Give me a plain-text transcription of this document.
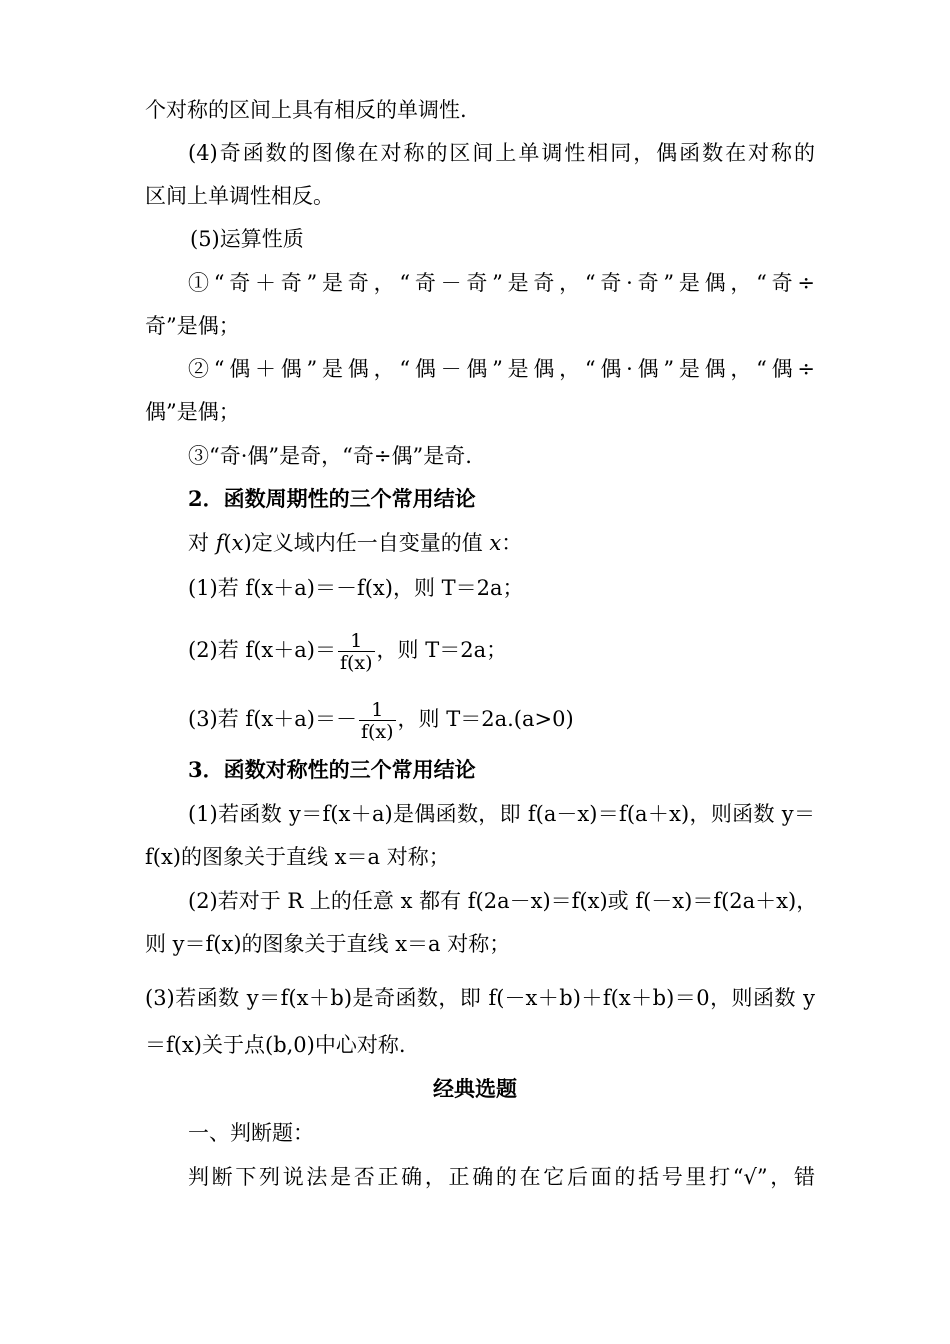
个对称的区间上具有相反的单调性.
(4)奇函数的图像在对称的区间上单调性相同，偶函数在对称的
区间上单调性相反。
(5)运算性质
①“奇＋奇”是奇，“奇－奇”是奇，“奇·奇”是偶，“奇÷
奇”是偶；
②“偶＋偶”是偶，“偶－偶”是偶，“偶·偶”是偶，“偶÷
偶”是偶；
③“奇·偶”是奇，“奇÷偶”是奇.
2．函数周期性的三个常用结论
对 f(x)定义域内任一自变量的值 x：
(1)若 f(x＋a)＝－f(x)，则 T＝2a；
(2)若 $f(x+a)= \frac{1}{f(x)}$ ，则 T＝2a；
(3)若 $f(x+a)=- \frac{1}{f(x)}$ ，则 T＝2a.(a>0)
3．函数对称性的三个常用结论
(1)若函数 y＝f(x＋a)是偶函数，即 f(a－x)＝f(a＋x)，则函数 y＝
f(x)的图象关于直线 x＝a 对称；
(2)若对于 R 上的任意 x 都有 f(2a－x)＝f(x)或 f(－x)＝f(2a＋x)，
则 y＝f(x)的图象关于直线 x＝a 对称；
(3)若函数 y＝f(x＋b)是奇函数，即 f(－x＋b)＋f(x＋b)＝0，则函数 y
＝f(x)关于点(b,0)中心对称.
经典选题
一、判断题：
判断下列说法是否正确，正确的在它后面的括号里打“√”，错
